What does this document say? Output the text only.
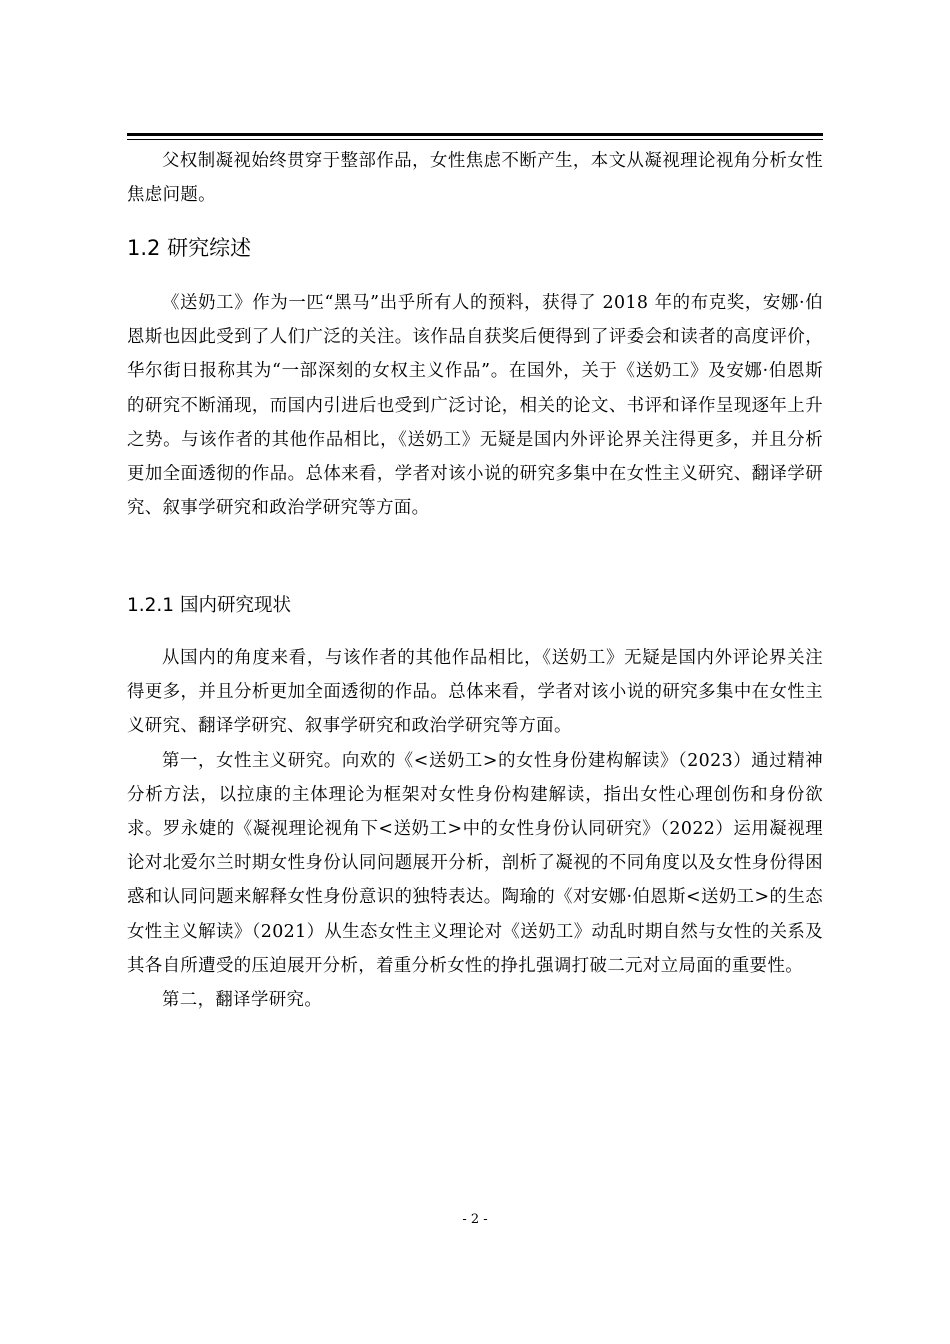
父权制凝视始终贯穿于整部作品，女性焦虑不断产生，本文从凝视理论视角分析女性焦虑问题。

1.2 研究综述

《送奶工》作为一匹“黑马”出乎所有人的预料，获得了 2018 年的布克奖，安娜·伯恩斯也因此受到了人们广泛的关注。该作品自获奖后便得到了评委会和读者的高度评价，华尔街日报称其为“一部深刻的女权主义作品”。在国外，关于《送奶工》及安娜·伯恩斯的研究不断涌现，而国内引进后也受到广泛讨论，相关的论文、书评和译作呈现逐年上升之势。与该作者的其他作品相比，《送奶工》无疑是国内外评论界关注得更多，并且分析更加全面透彻的作品。总体来看，学者对该小说的研究多集中在女性主义研究、翻译学研究、叙事学研究和政治学研究等方面。

1.2.1 国内研究现状

从国内的角度来看，与该作者的其他作品相比，《送奶工》无疑是国内外评论界关注得更多，并且分析更加全面透彻的作品。总体来看，学者对该小说的研究多集中在女性主义研究、翻译学研究、叙事学研究和政治学研究等方面。

第一，女性主义研究。向欢的《<送奶工>的女性身份建构解读》（2023）通过精神分析方法，以拉康的主体理论为框架对女性身份构建解读，指出女性心理创伤和身份欲求。罗永婕的《凝视理论视角下<送奶工>中的女性身份认同研究》（2022）运用凝视理论对北爱尔兰时期女性身份认同问题展开分析，剖析了凝视的不同角度以及女性身份得困惑和认同问题来解释女性身份意识的独特表达。陶瑜的《对安娜·伯恩斯<送奶工>的生态女性主义解读》（2021）从生态女性主义理论对《送奶工》动乱时期自然与女性的关系及其各自所遭受的压迫展开分析，着重分析女性的挣扎强调打破二元对立局面的重要性。

第二，翻译学研究。

- 2 -
